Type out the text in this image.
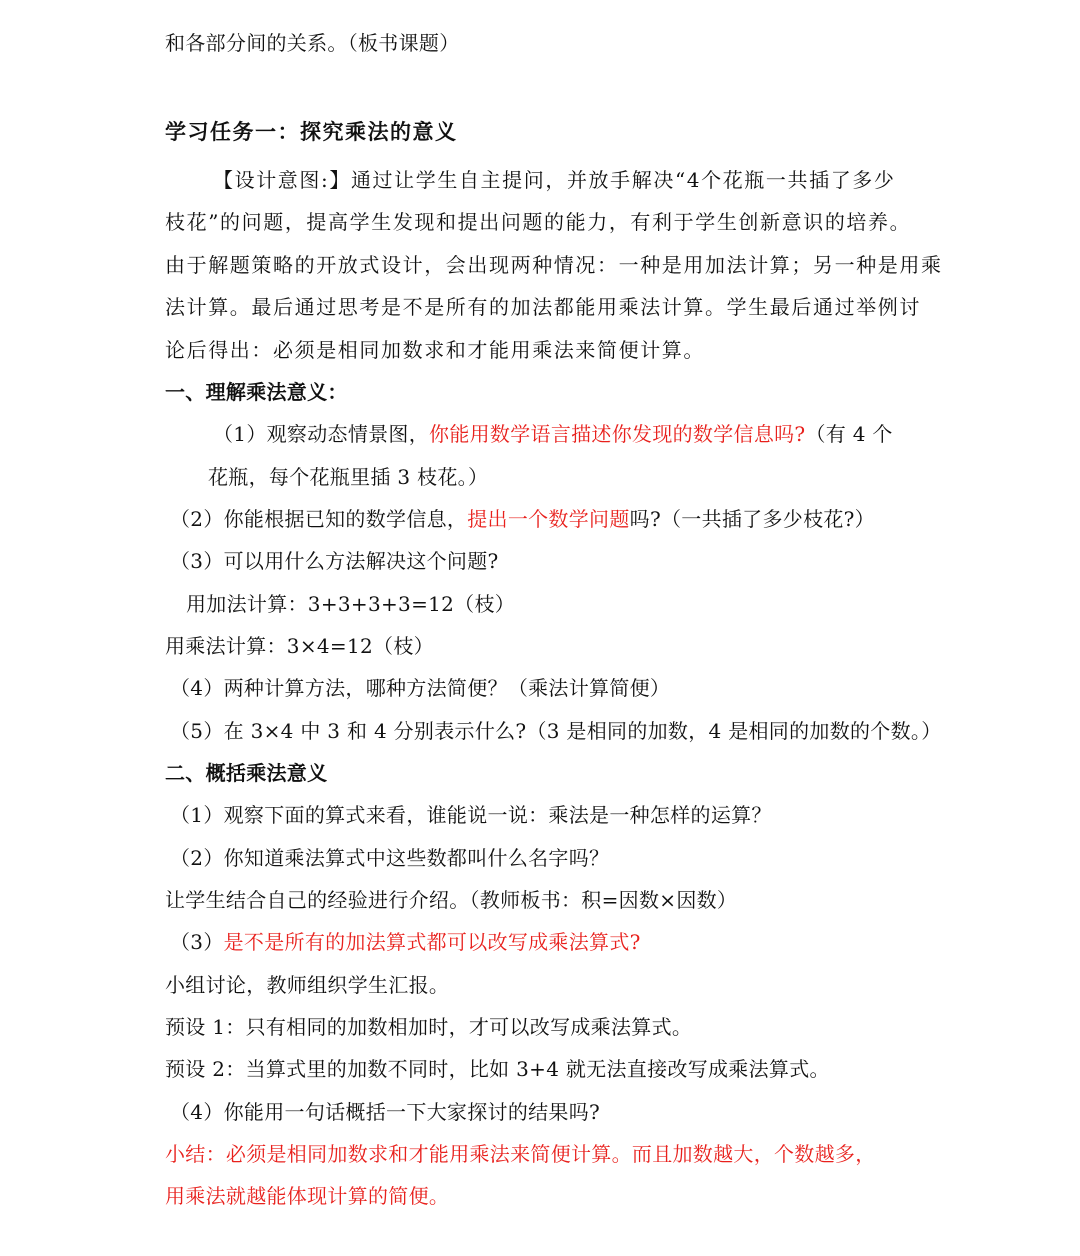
和各部分间的关系。（板书课题）
学习任务一：探究乘法的意义
【设计意图:】通过让学生自主提问，并放手解决“4个花瓶一共插了多少
枝花”的问题，提高学生发现和提出问题的能力，有利于学生创新意识的培养。
由于解题策略的开放式设计，会出现两种情况：一种是用加法计算；另一种是用乘
法计算。最后通过思考是不是所有的加法都能用乘法计算。学生最后通过举例讨
论后得出：必须是相同加数求和才能用乘法来简便计算。
一、理解乘法意义：
（1）观察动态情景图，你能用数学语言描述你发现的数学信息吗?（有 4 个
花瓶，每个花瓶里插 3 枝花。）
（2）你能根据已知的数学信息，提出一个数学问题吗?（一共插了多少枝花?）
（3）可以用什么方法解决这个问题?
用加法计算：3+3+3+3=12（枝）
用乘法计算：3×4=12（枝）
（4）两种计算方法，哪种方法简便？（乘法计算简便）
（5）在 3×4 中 3 和 4 分别表示什么?（3 是相同的加数，4 是相同的加数的个数。）
二、概括乘法意义
（1）观察下面的算式来看，谁能说一说：乘法是一种怎样的运算？
（2）你知道乘法算式中这些数都叫什么名字吗？
让学生结合自己的经验进行介绍。（教师板书：积=因数×因数）
（3）是不是所有的加法算式都可以改写成乘法算式?
小组讨论，教师组织学生汇报。
预设 1：只有相同的加数相加时，才可以改写成乘法算式。
预设 2：当算式里的加数不同时，比如 3+4 就无法直接改写成乘法算式。
（4）你能用一句话概括一下大家探讨的结果吗?
小结：必须是相同加数求和才能用乘法来简便计算。而且加数越大，个数越多，
用乘法就越能体现计算的简便。
